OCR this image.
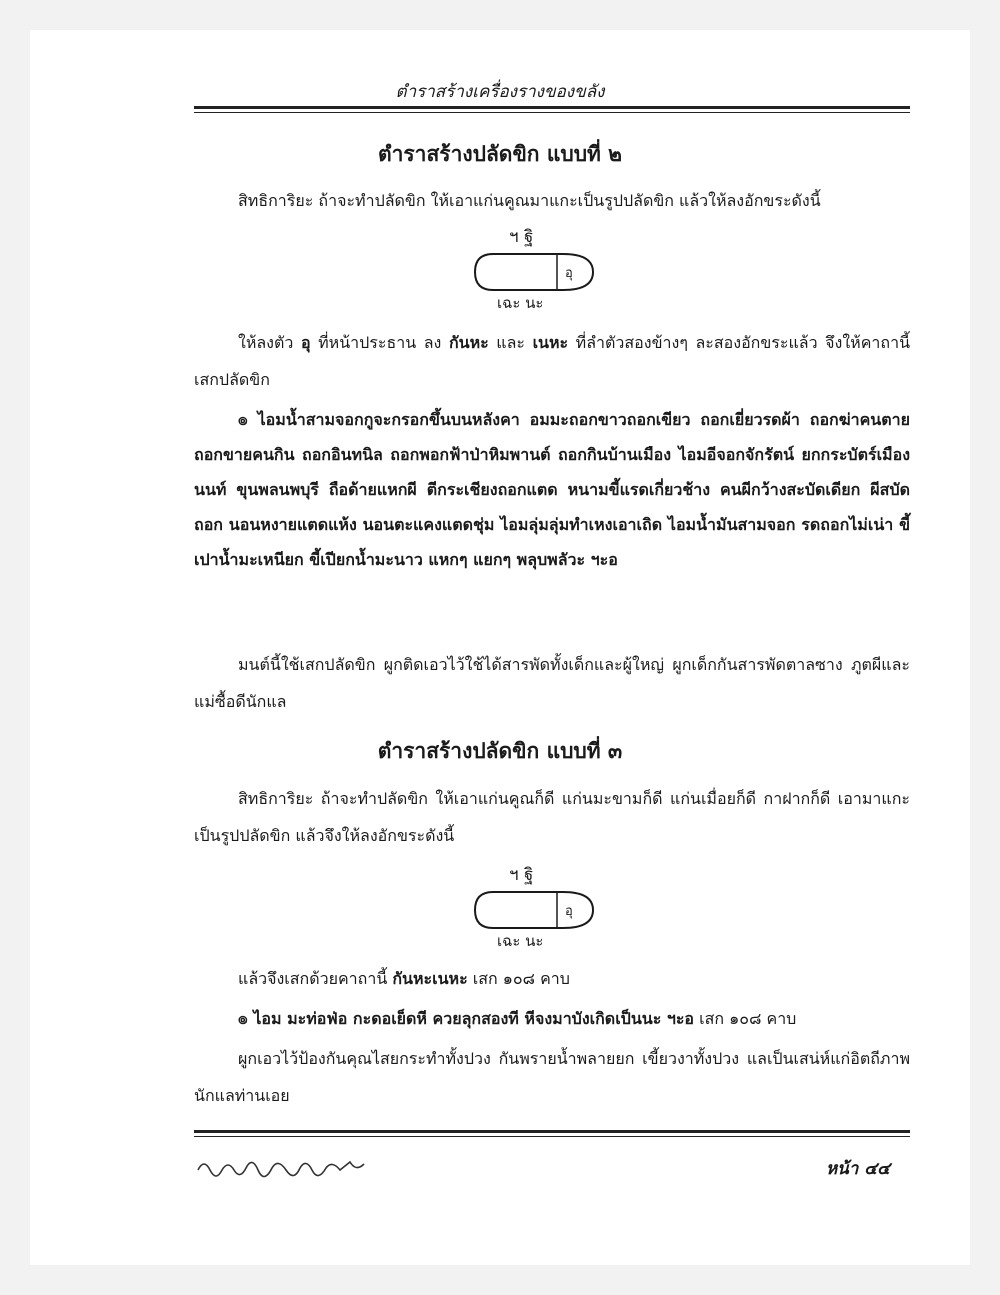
ตำราสร้างเครื่องรางของขลัง
ตำราสร้างปลัดขิก แบบที่ ๒
สิทธิการิยะ ถ้าจะทำปลัดขิก ให้เอาแก่นคูณมาแกะเป็นรูปปลัดขิก แล้วให้ลงอักขระดังนี้
ฯ ฐิ
อุ
เฉะ นะ
ให้ลงตัว อุ ที่หน้าประธาน ลง กันหะ และ เนหะ ที่ลำตัวสองข้างๆ ละสองอักขระแล้ว จึงให้คาถานี้เสกปลัดขิก
๏ ไอมน้ำสามจอกกูจะกรอกขึ้นบนหลังคา อมมะถอกขาวถอกเขียว ถอกเยี่ยวรดผ้า ถอกฆ่าคนตาย ถอกขายคนกิน ถอกอินทนิล ถอกพอกฟ้าป่าหิมพานต์ ถอกกินบ้านเมือง ไอมอีจอกจักรัตน์ ยกกระบัตร์เมืองนนท์ ขุนพลนพบุรี ถือด้ายแหกผี ตีกระเชียงถอกแตด หนามขี้แรดเกี่ยวช้าง คนผีกว้างสะบัดเดียก ผีสบัดถอก นอนหงายแตดแห้ง นอนตะแคงแตดชุ่ม ไอมลุ่มลุ่มทำเหงเอาเถิด ไอมน้ำมันสามจอก รดถอกไม่เน่า ขี้เปาน้ำมะเหนียก ขี้เปียกน้ำมะนาว แหกๆ แยกๆ พลุบพลัวะ ฯะอ
มนต์นี้ใช้เสกปลัดขิก ผูกติดเอวไว้ใช้ได้สารพัดทั้งเด็กและผู้ใหญ่ ผูกเด็กกันสารพัดตาลซาง ภูตผีและแม่ซื้อดีนักแล
ตำราสร้างปลัดขิก แบบที่ ๓
สิทธิการิยะ ถ้าจะทำปลัดขิก ให้เอาแก่นคูณก็ดี แก่นมะขามก็ดี แก่นเมื่อยก็ดี กาฝากก็ดี เอามาแกะเป็นรูปปลัดขิก แล้วจึงให้ลงอักขระดังนี้
ฯ ฐิ
อุ
เฉะ นะ
แล้วจึงเสกด้วยคาถานี้ กันหะเนหะ เสก ๑๐๘ คาบ
๏ ไอม มะท่อฟ่อ กะดอเย็ดหี ควยลุกสองที หีจงมาบังเกิดเป็นนะ ฯะอ เสก ๑๐๘ คาบ
ผูกเอวไว้ป้องกันคุณไสยกระทำทั้งปวง กันพรายน้ำพลายยก เขี้ยวงาทั้งปวง แลเป็นเสน่ห์แก่อิตถีภาพนักแลท่านเอย
หน้า ๔๔
